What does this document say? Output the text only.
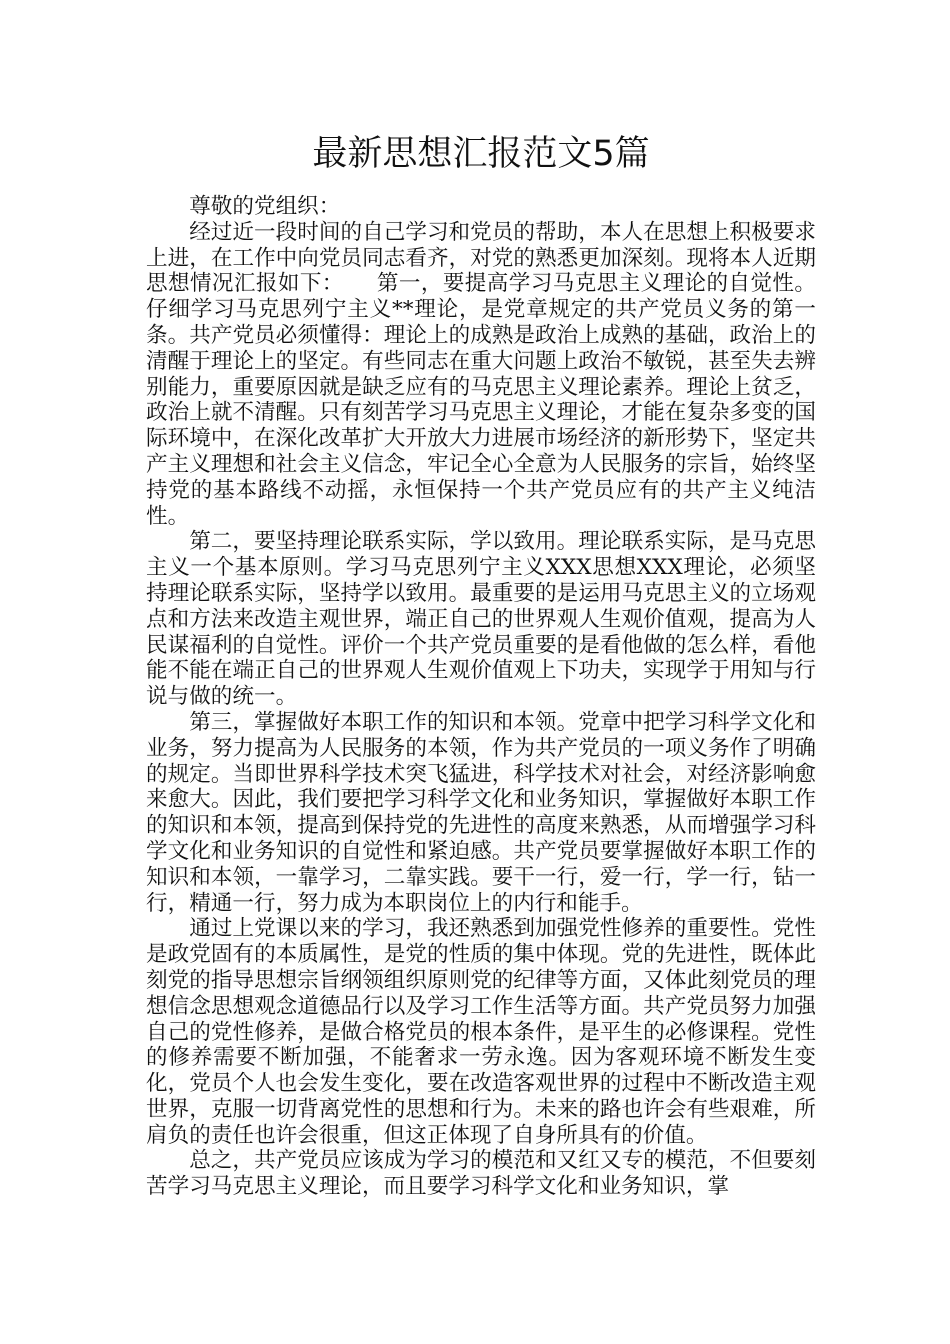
最新思想汇报范文5篇

尊敬的党组织：

经过近一段时间的自己学习和党员的帮助，本人在思想上积极要求上进，在工作中向党员同志看齐，对党的熟悉更加深刻。现将本人近期思想情况汇报如下：　　第一，要提高学习马克思主义理论的自觉性。仔细学习马克思列宁主义**理论，是党章规定的共产党员义务的第一条。共产党员必须懂得：理论上的成熟是政治上成熟的基础，政治上的清醒于理论上的坚定。有些同志在重大问题上政治不敏锐，甚至失去辨别能力，重要原因就是缺乏应有的马克思主义理论素养。理论上贫乏，政治上就不清醒。只有刻苦学习马克思主义理论，才能在复杂多变的国际环境中，在深化改革扩大开放大力进展市场经济的新形势下，坚定共产主义理想和社会主义信念，牢记全心全意为人民服务的宗旨，始终坚持党的基本路线不动摇，永恒保持一个共产党员应有的共产主义纯洁性。

第二，要坚持理论联系实际，学以致用。理论联系实际，是马克思主义一个基本原则。学习马克思列宁主义XXX思想XXX理论，必须坚持理论联系实际，坚持学以致用。最重要的是运用马克思主义的立场观点和方法来改造主观世界，端正自己的世界观人生观价值观，提高为人民谋福利的自觉性。评价一个共产党员重要的是看他做的怎么样，看他能不能在端正自己的世界观人生观价值观上下功夫，实现学于用知与行说与做的统一。

第三，掌握做好本职工作的知识和本领。党章中把学习科学文化和业务，努力提高为人民服务的本领，作为共产党员的一项义务作了明确的规定。当即世界科学技术突飞猛进，科学技术对社会，对经济影响愈来愈大。因此，我们要把学习科学文化和业务知识，掌握做好本职工作的知识和本领，提高到保持党的先进性的高度来熟悉，从而增强学习科学文化和业务知识的自觉性和紧迫感。共产党员要掌握做好本职工作的知识和本领，一靠学习，二靠实践。要干一行，爱一行，学一行，钻一行，精通一行，努力成为本职岗位上的内行和能手。

通过上党课以来的学习，我还熟悉到加强党性修养的重要性。党性是政党固有的本质属性，是党的性质的集中体现。党的先进性，既体此刻党的指导思想宗旨纲领组织原则党的纪律等方面，又体此刻党员的理想信念思想观念道德品行以及学习工作生活等方面。共产党员努力加强自己的党性修养，是做合格党员的根本条件，是平生的必修课程。党性的修养需要不断加强，不能奢求一劳永逸。因为客观环境不断发生变化，党员个人也会发生变化，要在改造客观世界的过程中不断改造主观世界，克服一切背离党性的思想和行为。未来的路也许会有些艰难，所肩负的责任也许会很重，但这正体现了自身所具有的价值。

总之，共产党员应该成为学习的模范和又红又专的模范，不但要刻苦学习马克思主义理论，而且要学习科学文化和业务知识，掌
